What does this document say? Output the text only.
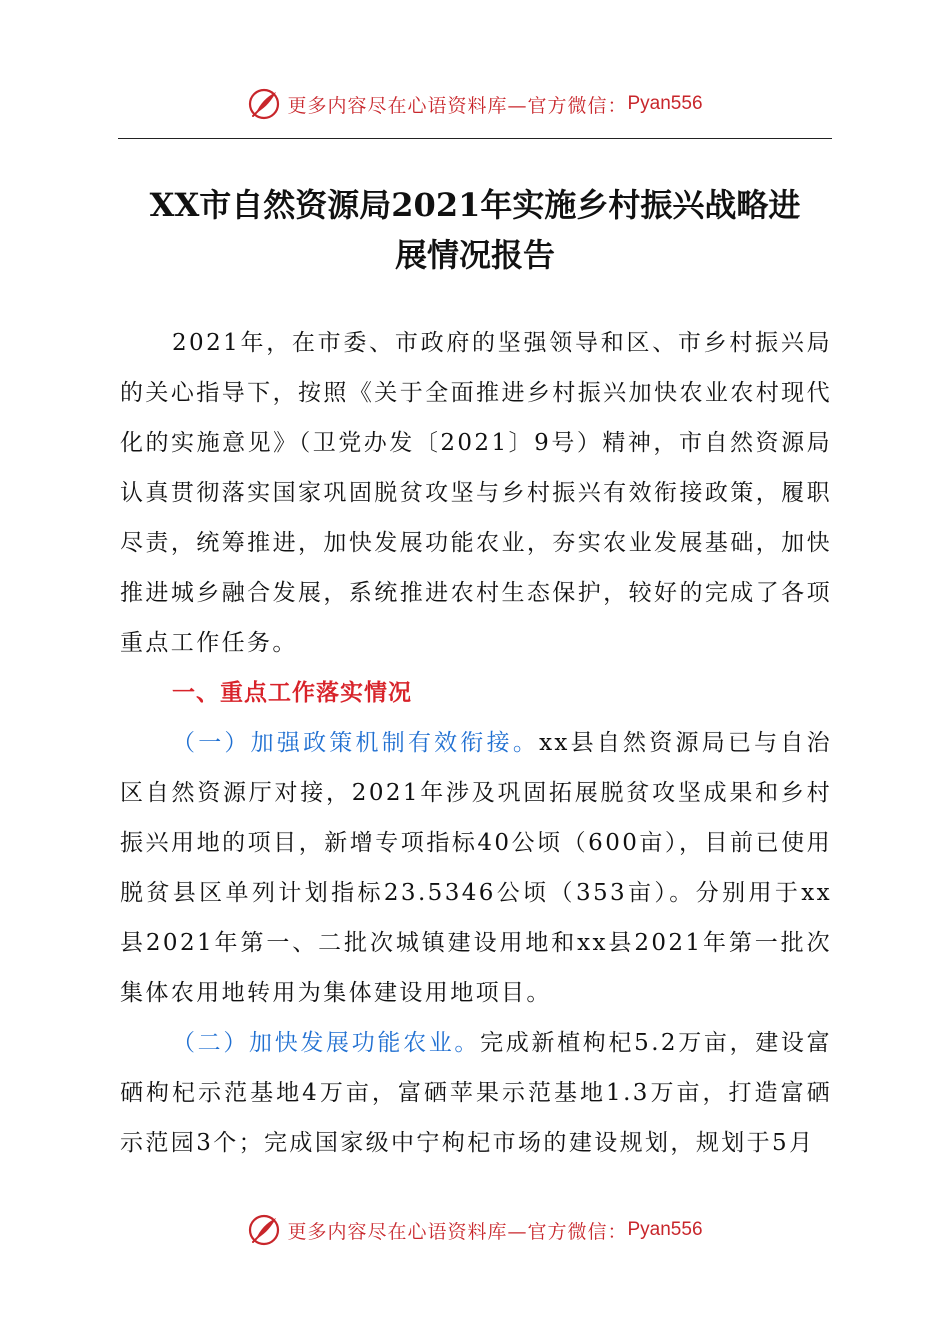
更多内容尽在心语资料库—官方微信： Pyan556
XX市自然资源局2021年实施乡村振兴战略进
展情况报告

2021年，在市委、市政府的坚强领导和区、市乡村振兴局的关心指导下，按照《关于全面推进乡村振兴加快农业农村现代化的实施意见》（卫党办发〔2021〕9号）精神，市自然资源局认真贯彻落实国家巩固脱贫攻坚与乡村振兴有效衔接政策，履职尽责，统筹推进，加快发展功能农业，夯实农业发展基础，加快推进城乡融合发展，系统推进农村生态保护，较好的完成了各项重点工作任务。

一、重点工作落实情况

（一）加强政策机制有效衔接。xx县自然资源局已与自治区自然资源厅对接，2021年涉及巩固拓展脱贫攻坚成果和乡村振兴用地的项目，新增专项指标40公顷（600亩），目前已使用脱贫县区单列计划指标23.5346公顷（353亩）。分别用于xx县2021年第一、二批次城镇建设用地和xx县2021年第一批次集体农用地转用为集体建设用地项目。

（二）加快发展功能农业。完成新植枸杞5.2万亩，建设富硒枸杞示范基地4万亩，富硒苹果示范基地1.3万亩，打造富硒示范园3个；完成国家级中宁枸杞市场的建设规划，规划于5月

更多内容尽在心语资料库—官方微信： Pyan556
